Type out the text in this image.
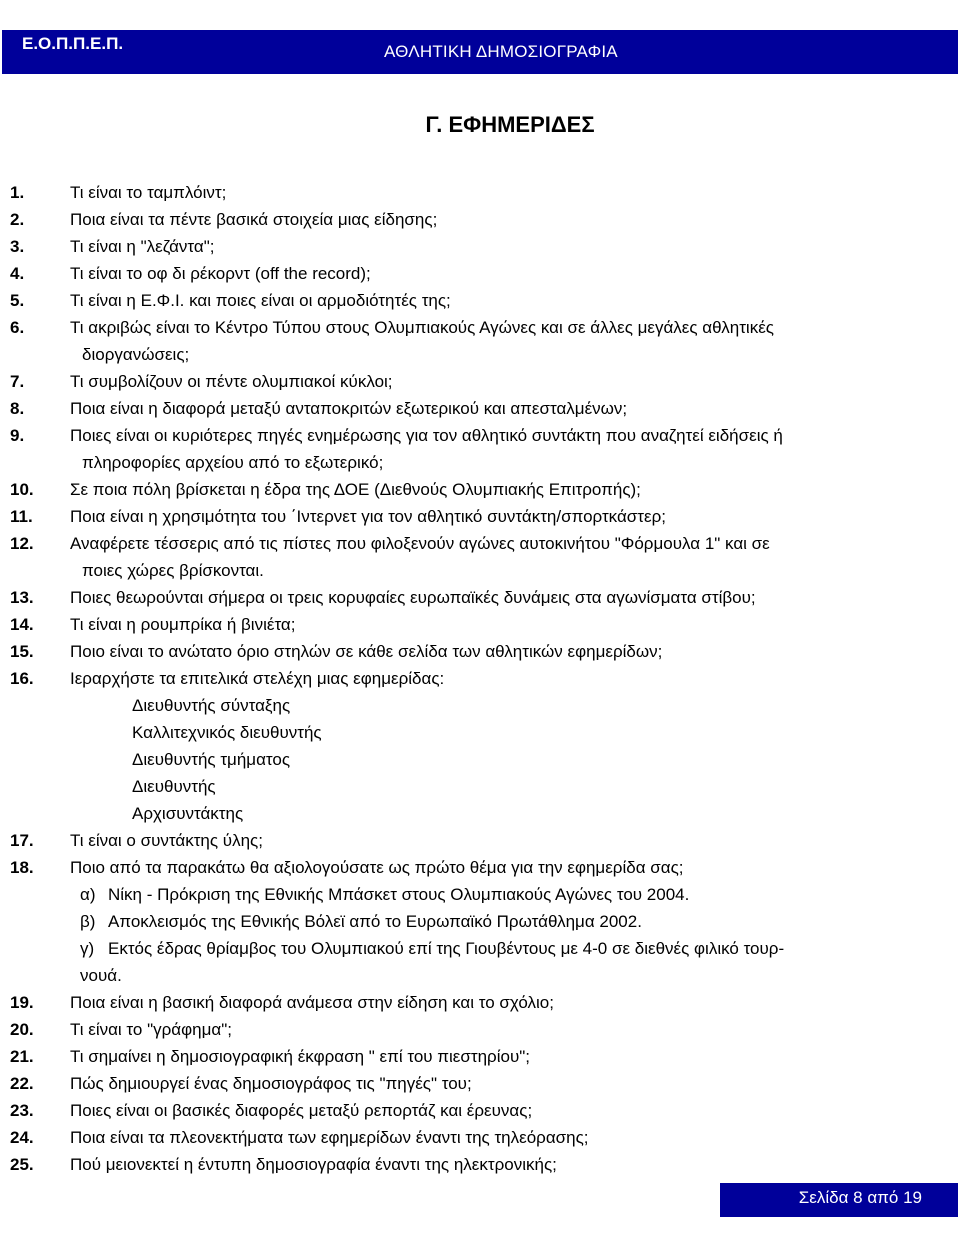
Ε.Ο.Π.Π.Ε.Π.	ΑΘΛΗΤΙΚΗ ΔΗΜΟΣΙΟΓΡΑΦΙΑ
Γ. ΕΦΗΜΕΡΙΔΕΣ
1.	Τι είναι το ταμπλόιντ;
2.	Ποια είναι τα πέντε βασικά στοιχεία μιας είδησης;
3.	Τι είναι η "λεζάντα";
4.	Τι είναι το οφ δι ρέκορντ (off the record);
5.	Τι είναι η Ε.Φ.Ι. και ποιες είναι οι αρμοδιότητές της;
6.	Τι ακριβώς είναι το Κέντρο Τύπου στους Ολυμπιακούς Αγώνες και σε άλλες μεγάλες αθλητικές
διοργανώσεις;
7.	Τι συμβολίζουν οι πέντε ολυμπιακοί κύκλοι;
8.	Ποια είναι η διαφορά μεταξύ ανταποκριτών εξωτερικού και απεσταλμένων;
9.	Ποιες είναι οι κυριότερες πηγές ενημέρωσης για τον αθλητικό συντάκτη που αναζητεί ειδήσεις ή
πληροφορίες αρχείου από το εξωτερικό;
10.	Σε ποια πόλη βρίσκεται η έδρα της ΔΟΕ (Διεθνούς Ολυμπιακής Επιτροπής);
11.	Ποια είναι η χρησιμότητα του ΄Ιντερνετ για τον αθλητικό συντάκτη/σπορτκάστερ;
12.	Αναφέρετε τέσσερις από τις πίστες που φιλοξενούν αγώνες αυτοκινήτου "Φόρμουλα 1" και σε
ποιες χώρες βρίσκονται.
13.	Ποιες θεωρούνται σήμερα οι τρεις κορυφαίες ευρωπαϊκές δυνάμεις στα αγωνίσματα στίβου;
14.	Τι είναι η ρουμπρίκα ή βινιέτα;
15.	Ποιο είναι το ανώτατο όριο στηλών σε κάθε σελίδα των αθλητικών εφημερίδων;
16.	Ιεραρχήστε τα επιτελικά στελέχη μιας εφημερίδας:
Διευθυντής σύνταξης
Καλλιτεχνικός διευθυντής
Διευθυντής τμήματος
Διευθυντής
Αρχισυντάκτης
17.	Τι είναι ο συντάκτης ύλης;
18.	Ποιο από τα παρακάτω θα αξιολογούσατε ως πρώτο θέμα για την εφημερίδα σας;
α) Νίκη - Πρόκριση της Εθνικής Μπάσκετ στους Ολυμπιακούς Αγώνες του 2004.
β) Αποκλεισμός της Εθνικής Βόλεϊ από το Ευρωπαϊκό Πρωτάθλημα 2002.
γ) Εκτός έδρας θρίαμβος του Ολυμπιακού επί της Γιουβέντους με 4-0 σε διεθνές φιλικό τουρ-
νουά.
19.	Ποια είναι η βασική διαφορά ανάμεσα στην είδηση και το σχόλιο;
20.	Τι είναι το "γράφημα";
21.	Τι σημαίνει η δημοσιογραφική έκφραση " επί του πιεστηρίου";
22.	Πώς δημιουργεί ένας δημοσιογράφος τις "πηγές" του;
23.	Ποιες είναι οι βασικές διαφορές μεταξύ ρεπορτάζ και έρευνας;
24.	Ποια είναι τα πλεονεκτήματα των εφημερίδων έναντι της τηλεόρασης;
25.	Πού μειονεκτεί η έντυπη δημοσιογραφία έναντι της ηλεκτρονικής;
Σελίδα 8 από 19
